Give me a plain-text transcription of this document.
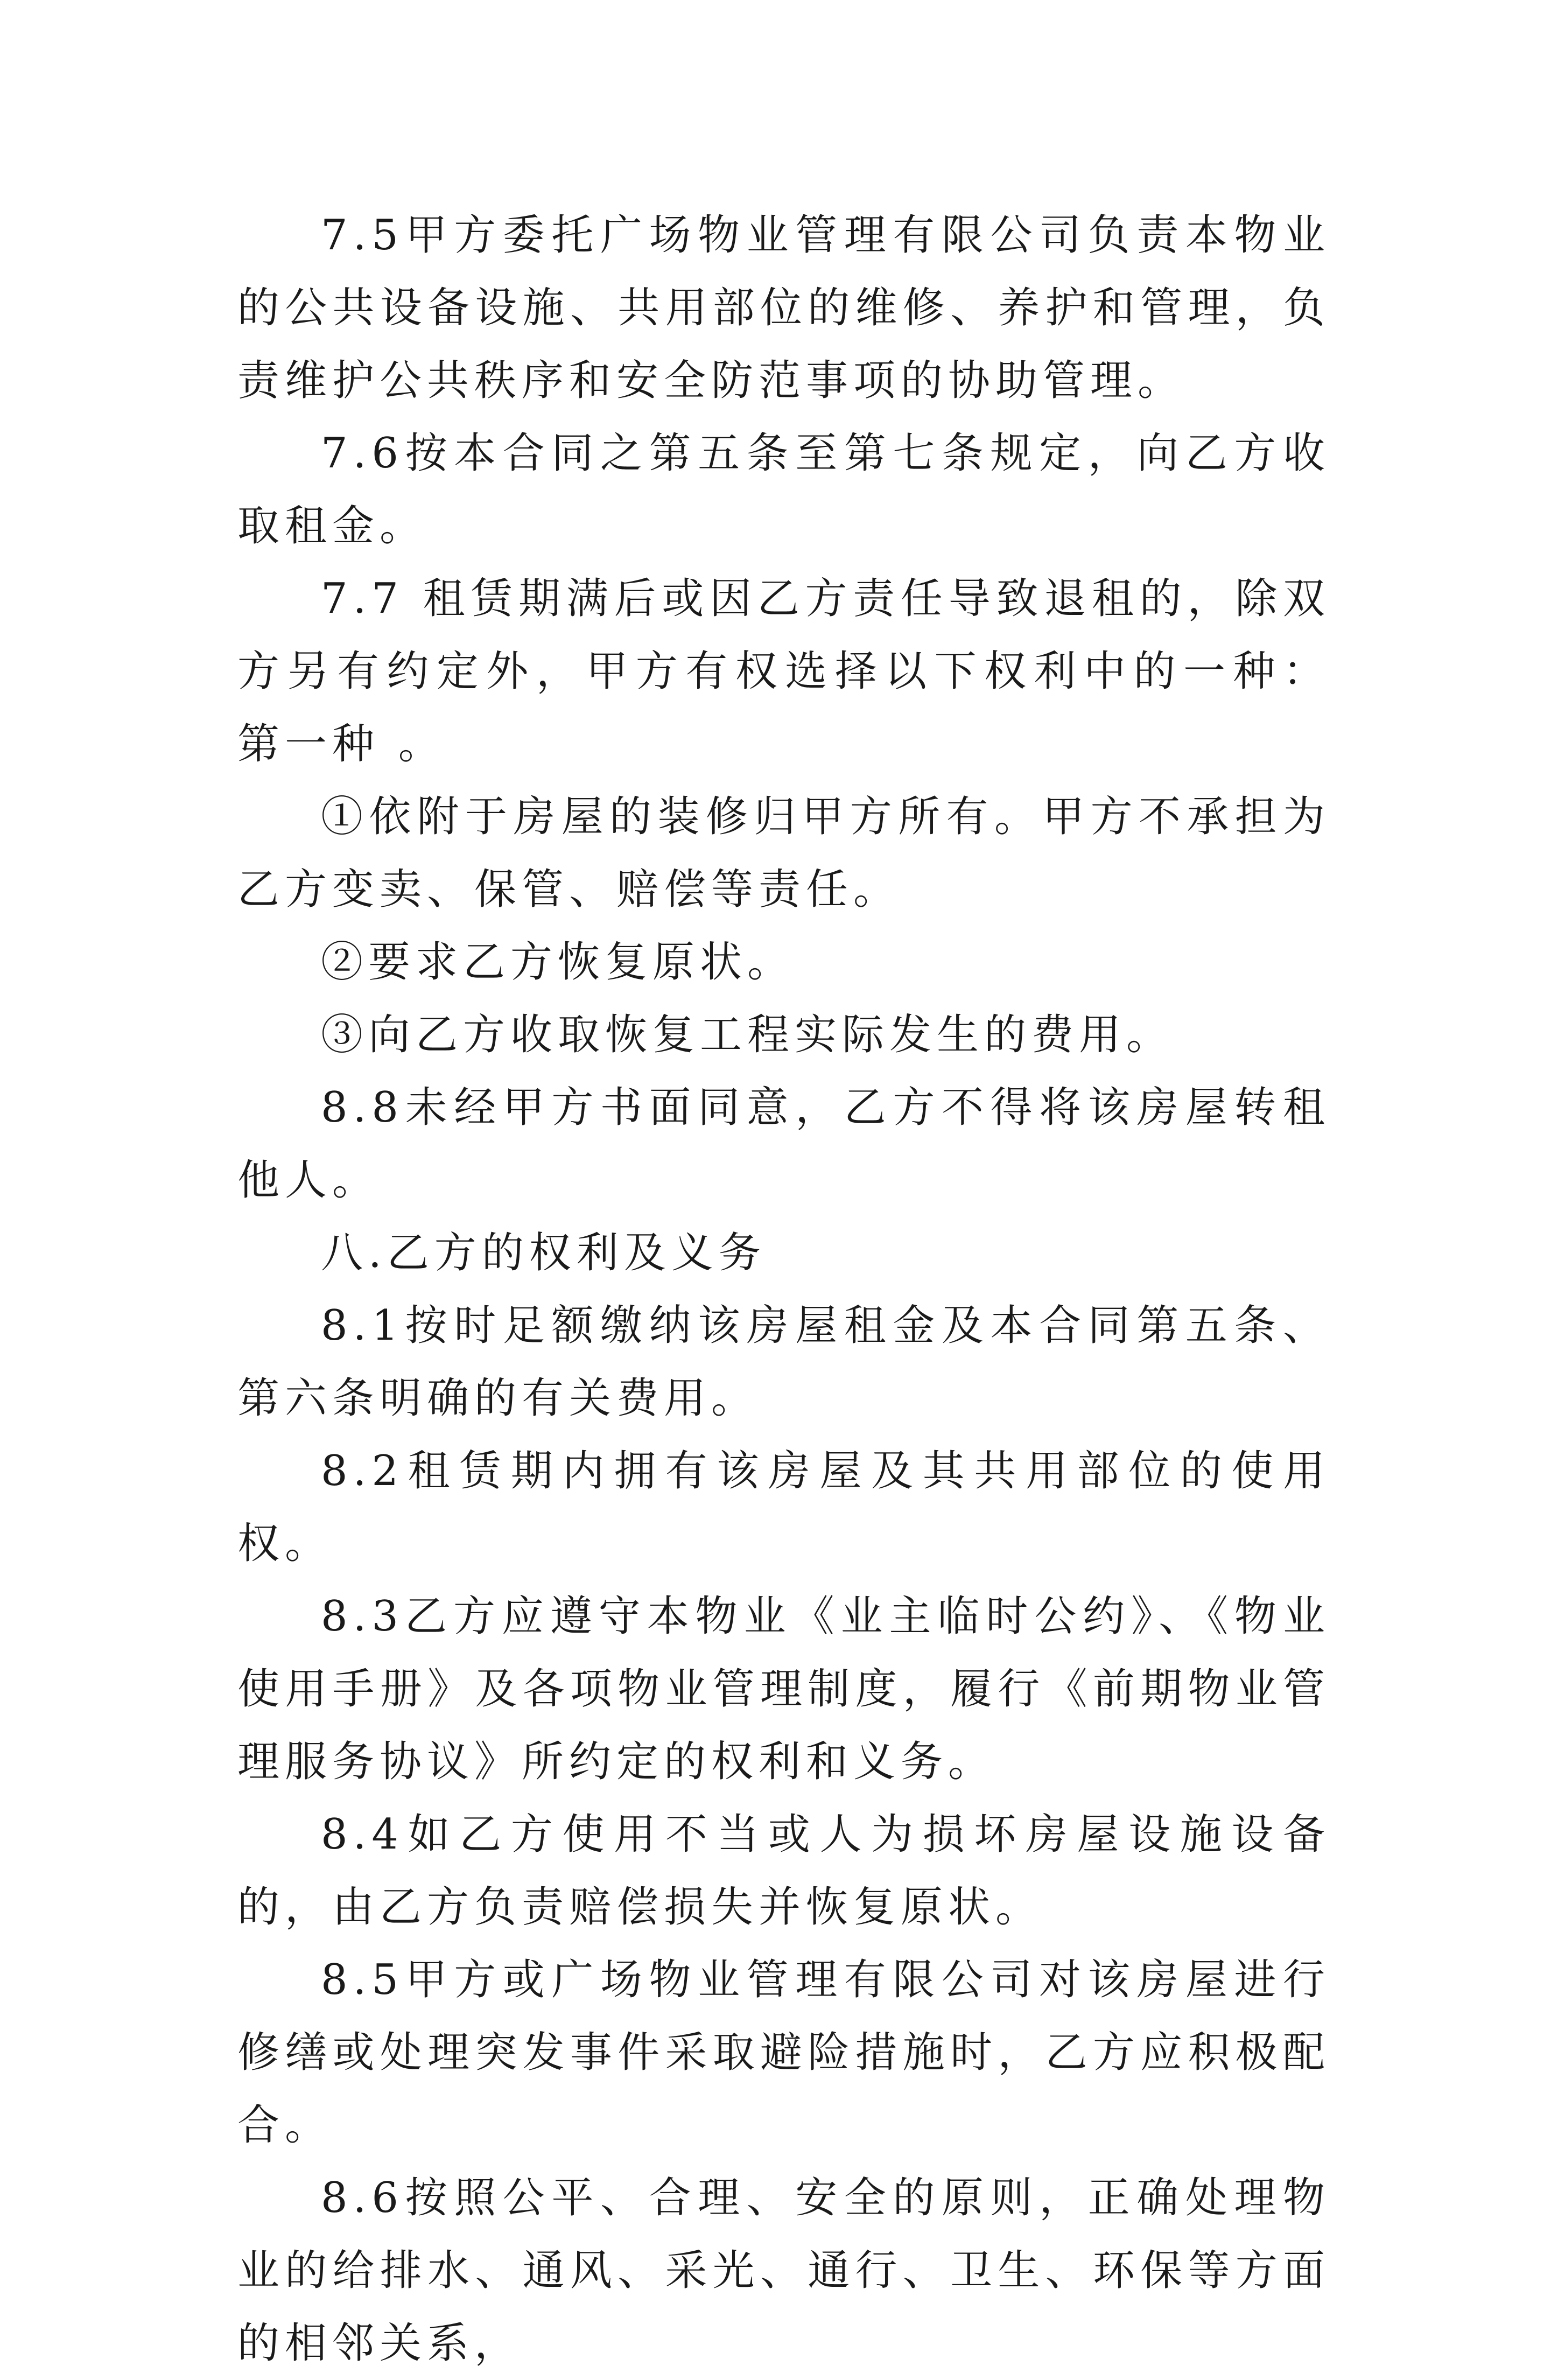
7.5甲方委托广场物业管理有限公司负责本物业的公共设备设施、共用部位的维修、养护和管理，负责维护公共秩序和安全防范事项的协助管理。

7.6按本合同之第五条至第七条规定，向乙方收取租金。

7.7 租赁期满后或因乙方责任导致退租的，除双方另有约定外，甲方有权选择以下权利中的一种： 第一种 。

①依附于房屋的装修归甲方所有。甲方不承担为乙方变卖、保管、赔偿等责任。

②要求乙方恢复原状。

③向乙方收取恢复工程实际发生的费用。

8.8未经甲方书面同意，乙方不得将该房屋转租他人。

八.乙方的权利及义务

8.1按时足额缴纳该房屋租金及本合同第五条、第六条明确的有关费用。

8.2租赁期内拥有该房屋及其共用部位的使用权。

8.3乙方应遵守本物业《业主临时公约》、《物业使用手册》及各项物业管理制度，履行《前期物业管理服务协议》所约定的权利和义务。

8.4如乙方使用不当或人为损坏房屋设施设备的，由乙方负责赔偿损失并恢复原状。

8.5甲方或广场物业管理有限公司对该房屋进行修缮或处理突发事件采取避险措施时，乙方应积极配合。

8.6按照公平、合理、安全的原则，正确处理物业的给排水、通风、采光、通行、卫生、环保等方面的相邻关系，
